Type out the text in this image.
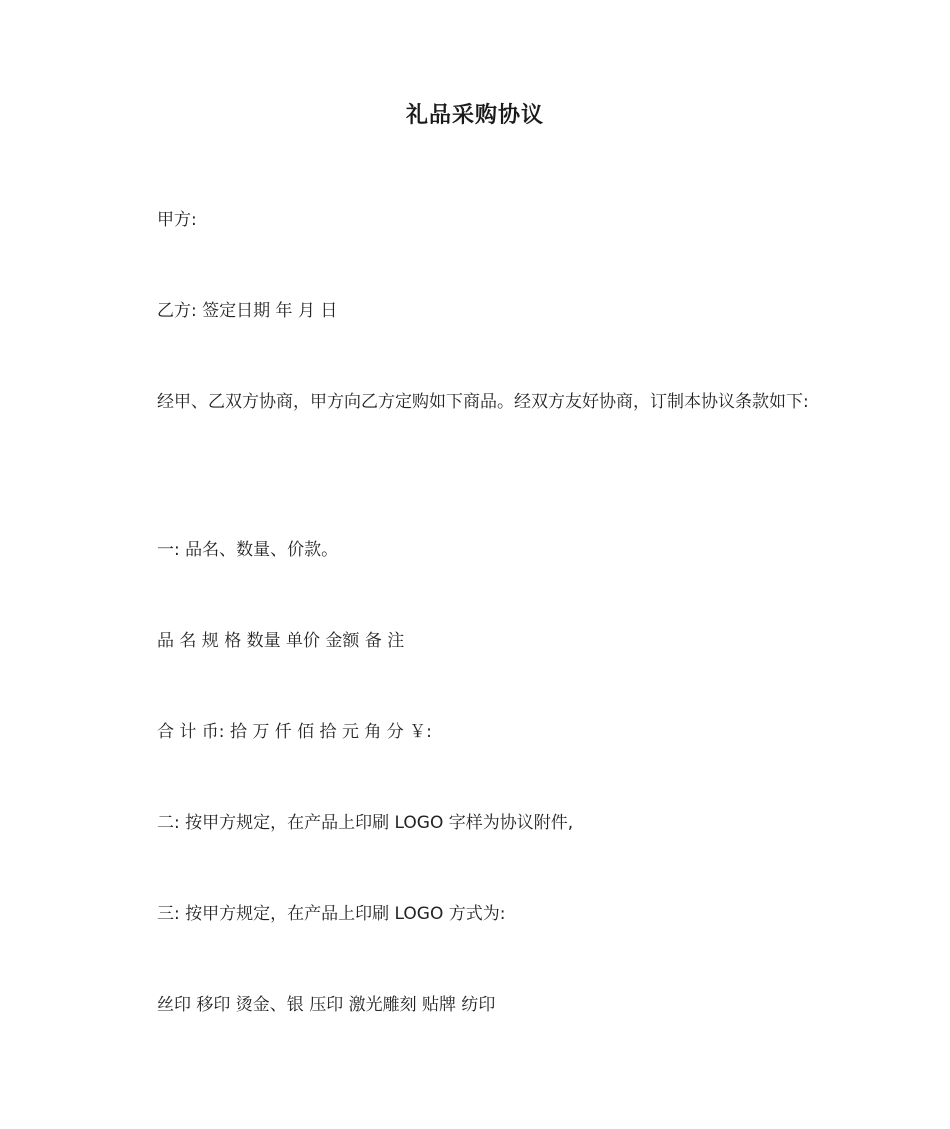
礼品采购协议
甲方:
乙方: 签定日期 年 月 日
经甲、乙双方协商，甲方向乙方定购如下商品。经双方友好协商，订制本协议条款如下:
一: 品名、数量、价款。
品 名 规 格 数量 单价 金额 备 注
合 计 币: 拾 万 仟 佰 拾 元 角 分 ￥:
二: 按甲方规定，在产品上印刷 LOGO 字样为协议附件,
三: 按甲方规定，在产品上印刷 LOGO 方式为:
丝印 移印 烫金、银 压印 激光雕刻 贴牌 纺印
